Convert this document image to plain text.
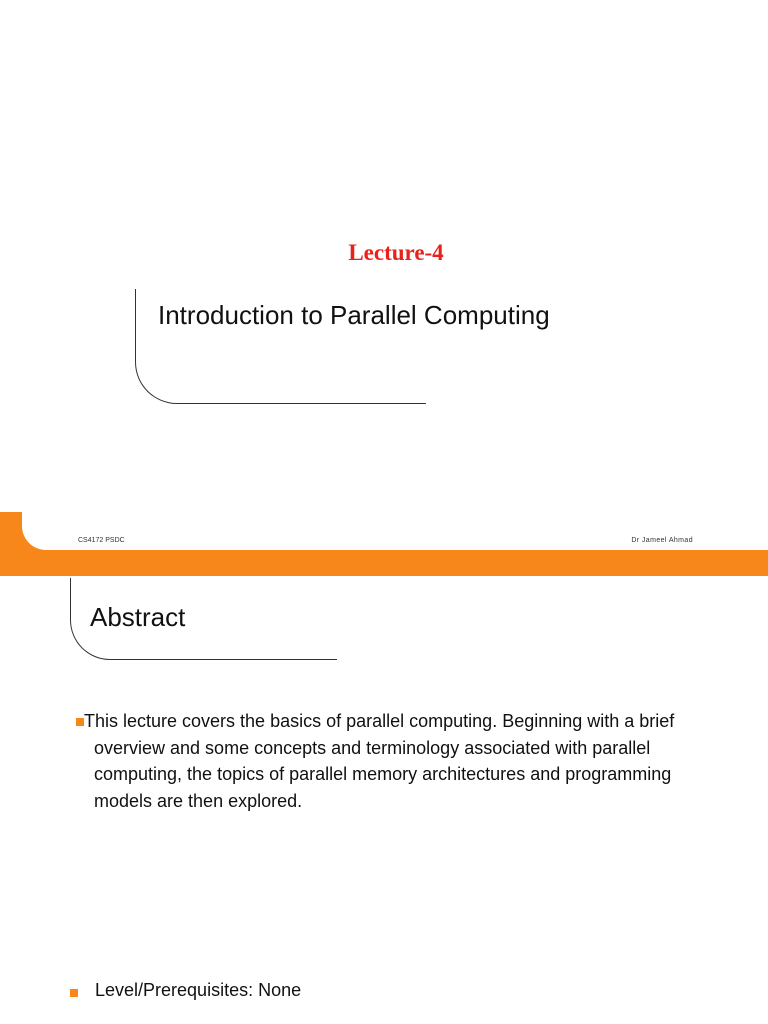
Lecture-4
Introduction to Parallel Computing
CS4172 PSDC	Dr Jameel Ahmad
Abstract
This lecture covers the basics of parallel computing. Beginning with a brief overview and some concepts and terminology associated with parallel computing, the topics of parallel memory architectures and programming models are then explored.
Level/Prerequisites: None
